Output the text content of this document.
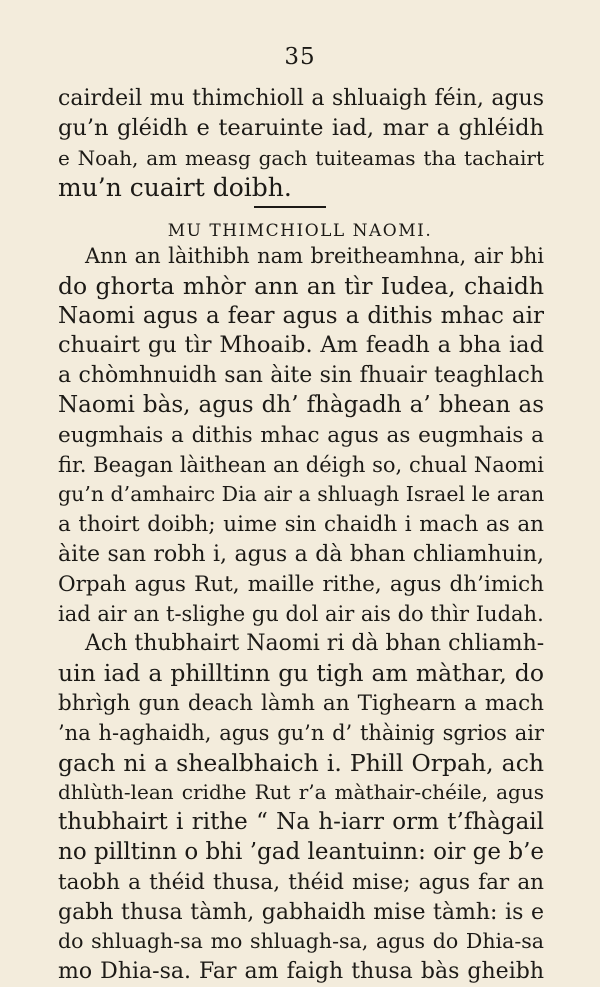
35
cairdeil mu thimchioll a shluaigh féin, agus
gu’n gléidh e tearuinte iad, mar a ghléidh
e Noah, am measg gach tuiteamas tha tachairt
mu’n cuairt doibh.
MU THIMCHIOLL NAOMI.
Ann an làithibh nam breitheamhna, air bhi
do ghorta mhòr ann an tìr Iudea, chaidh
Naomi agus a fear agus a dithis mhac air
chuairt gu tìr Mhoaib. Am feadh a bha iad
a chòmhnuidh san àite sin fhuair teaghlach
Naomi bàs, agus dh’ fhàgadh a’ bhean as
eugmhais a dithis mhac agus as eugmhais a
fir. Beagan làithean an déigh so, chual Naomi
gu’n d’amhairc Dia air a shluagh Israel le aran
a thoirt doibh; uime sin chaidh i mach as an
àite san robh i, agus a dà bhan chliamhuin,
Orpah agus Rut, maille rithe, agus dh’imich
iad air an t-slighe gu dol air ais do thìr Iudah.
Ach thubhairt Naomi ri dà bhan chliamh-
uin iad a philltinn gu tigh am màthar, do
bhrìgh gun deach làmh an Tighearn a mach
’na h-aghaidh, agus gu’n d’ thàinig sgrios air
gach ni a shealbhaich i. Phill Orpah, ach
dhlùth-lean cridhe Rut r’a màthair-chéile, agus
thubhairt i rithe “ Na h-iarr orm t’fhàgail
no pilltinn o bhi ’gad leantuinn: oir ge b’e
taobh a théid thusa, théid mise; agus far an
gabh thusa tàmh, gabhaidh mise tàmh: is e
do shluagh-sa mo shluagh-sa, agus do Dhia-sa
mo Dhia-sa. Far am faigh thusa bàs gheibh
